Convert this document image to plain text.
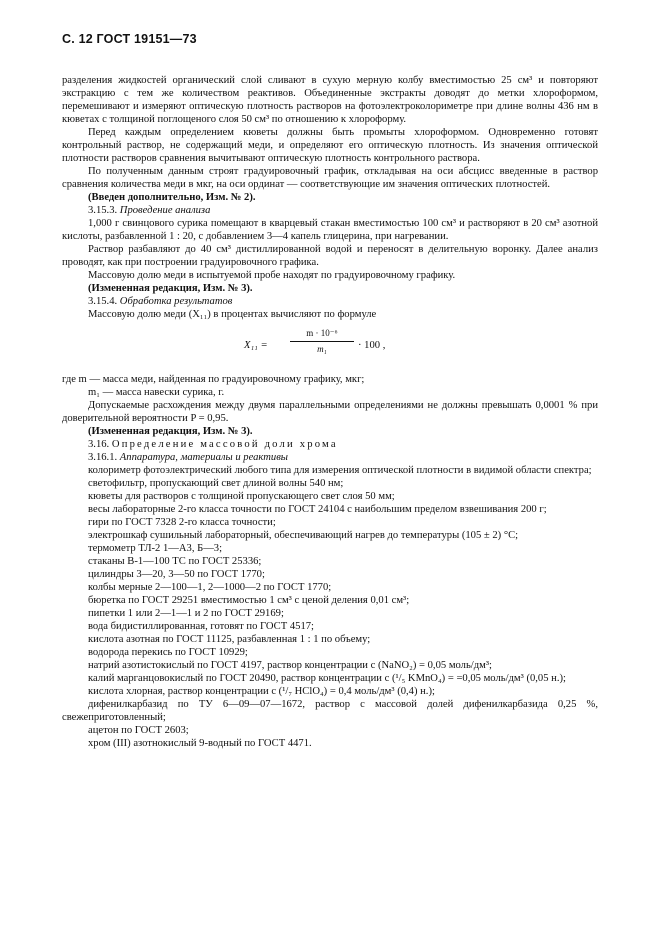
С. 12 ГОСТ 19151—73

разделения жидкостей органический слой сливают в сухую мерную колбу вместимостью 25 см³ и повторяют экстракцию с тем же количеством реактивов. Объединенные экстракты доводят до метки хлороформом, перемешивают и измеряют оптическую плотность растворов на фотоэлектроколориметре при длине волны 436 нм в кюветах с толщиной поглощеного слоя 50 см³ по отношению к хлороформу.

Перед каждым определением кюветы должны быть промыты хлороформом. Одновременно готовят контрольный раствор, не содержащий меди, и определяют его оптическую плотность. Из значения оптической плотности растворов сравнения вычитывают оптическую плотность контрольного раствора.

По полученным данным строят градуировочный график, откладывая на оси абсцисс введенные в раствор сравнения количества меди в мкг, на оси ординат — соответствующие им значения оптических плотностей.

(Введен дополнительно, Изм. № 2).

3.15.3. Проведение анализа

1,000 г свинцового сурика помещают в кварцевый стакан вместимостью 100 см³ и растворяют в 20 см³ азотной кислоты, разбавленной 1 : 20, с добавлением 3—4 капель глицерина, при нагревании.

Раствор разбавляют до 40 см³ дистиллированной водой и переносят в делительную воронку. Далее анализ проводят, как при построении градуировочного графика.

Массовую долю меди в испытуемой пробе находят по градуировочному графику.

(Измененная редакция, Изм. № 3).

3.15.4. Обработка результатов

Массовую долю меди (X₁₁) в процентах вычисляют по формуле

$X_{11} = \frac{\text{m · 10⁻⁶}}{\text{m₁}} \cdot 100$ ,

где m — масса меди, найденная по градуировочному графику, мкг;

m₁ — масса навески сурика, г.

Допускаемые расхождения между двумя параллельными определениями не должны превышать 0,0001 % при доверительной вероятности P = 0,95.

(Измененная редакция, Изм. № 3).

3.16. Определение массовой доли хрома

3.16.1. Аппаратура, материалы и реактивы

колориметр фотоэлектрический любого типа для измерения оптической плотности в видимой области спектра;

светофильтр, пропускающий свет длиной волны 540 нм;

кюветы для растворов с толщиной пропускающего свет слоя 50 мм;

весы лабораторные 2-го класса точности по ГОСТ 24104 с наибольшим пределом взвешивания 200 г;

гири по ГОСТ 7328 2-го класса точности;

электрошкаф сушильный лабораторный, обеспечивающий нагрев до температуры (105 ± 2) °С;

термометр ТЛ-2 1—А3, Б—3;

стаканы В-1—100 ТС по ГОСТ 25336;

цилиндры 3—20, 3—50 по ГОСТ 1770;

колбы мерные 2—100—1, 2—1000—2 по ГОСТ 1770;

бюретка по ГОСТ 29251 вместимостью 1 см³ с ценой деления 0,01 см³;

пипетки 1 или 2—1—1 и 2 по ГОСТ 29169;

вода бидистиллированная, готовят по ГОСТ 4517;

кислота азотная по ГОСТ 11125, разбавленная 1 : 1 по объему;

водорода перекись по ГОСТ 10929;

натрий азотистокислый по ГОСТ 4197, раствор концентрации c (NaNO₂) = 0,05 моль/дм³;

калий марганцовокислый по ГОСТ 20490, раствор концентрации c (¹/₅ KMnO₄) = =0,05 моль/дм³ (0,05 н.);

кислота хлорная, раствор концентрации c (¹/₇ HClO₄) = 0,4 моль/дм³ (0,4) н.);

дифенилкарбазид по ТУ 6—09—07—1672, раствор с массовой долей дифенилкарбазида 0,25 %, свежеприготовленный;

ацетон по ГОСТ 2603;

хром (III) азотнокислый 9-водный по ГОСТ 4471.
